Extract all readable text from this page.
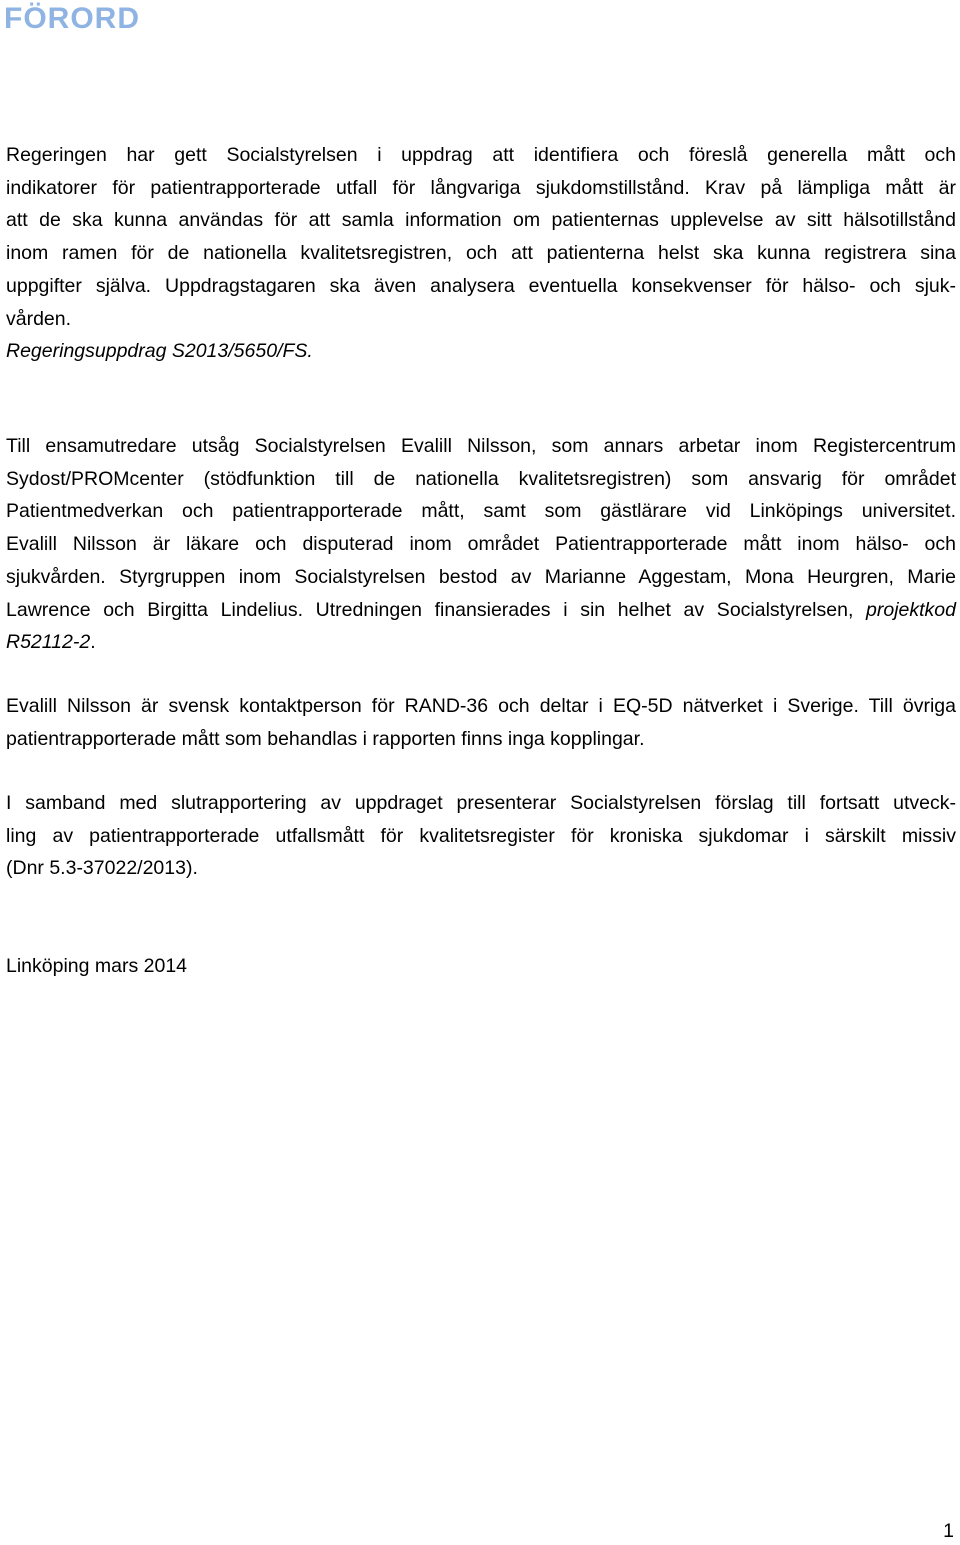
FÖRORD
Regeringen har gett Socialstyrelsen i uppdrag att identifiera och föreslå generella mått och
indikatorer för patientrapporterade utfall för långvariga sjukdomstillstånd. Krav på lämpliga mått är
att de ska kunna användas för att samla information om patienternas upplevelse av sitt hälsotillstånd
inom ramen för de nationella kvalitetsregistren, och att patienterna helst ska kunna registrera sina
uppgifter själva. Uppdragstagaren ska även analysera eventuella konsekvenser för hälso- och sjuk-
vården.
Regeringsuppdrag S2013/5650/FS.
Till ensamutredare utsåg Socialstyrelsen Evalill Nilsson, som annars arbetar inom Registercentrum
Sydost/PROMcenter (stödfunktion till de nationella kvalitetsregistren) som ansvarig för området
Patientmedverkan och patientrapporterade mått, samt som gästlärare vid Linköpings universitet.
Evalill Nilsson är läkare och disputerad inom området Patientrapporterade mått inom hälso- och
sjukvården. Styrgruppen inom Socialstyrelsen bestod av Marianne Aggestam, Mona Heurgren, Marie
Lawrence och Birgitta Lindelius. Utredningen finansierades i sin helhet av Socialstyrelsen, projektkod
R52112-2.
Evalill Nilsson är svensk kontaktperson för RAND-36 och deltar i EQ-5D nätverket i Sverige. Till övriga
patientrapporterade mått som behandlas i rapporten finns inga kopplingar.
I samband med slutrapportering av uppdraget presenterar Socialstyrelsen förslag till fortsatt utveck-
ling av patientrapporterade utfallsmått för kvalitetsregister för kroniska sjukdomar i särskilt missiv
(Dnr 5.3-37022/2013).
Linköping mars 2014
1
